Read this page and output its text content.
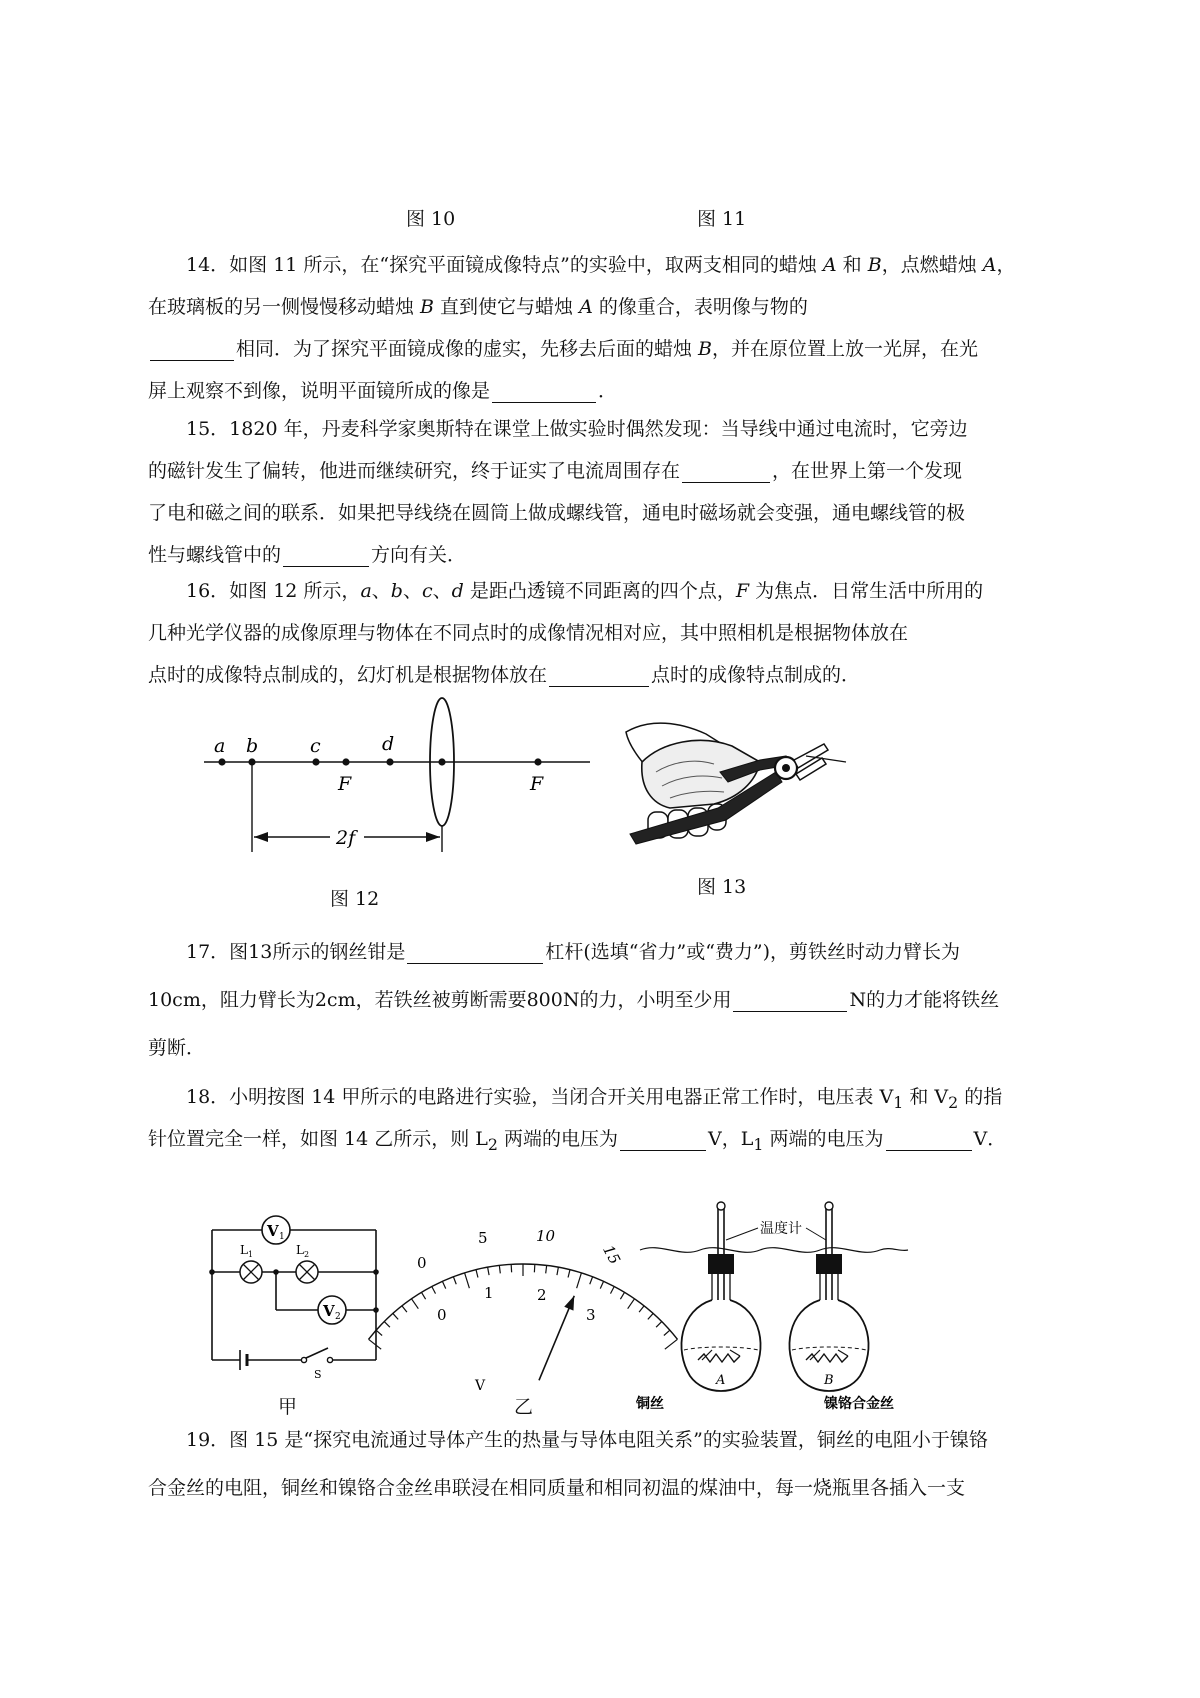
图 10	图 11
14．如图 11 所示，在“探究平面镜成像特点”的实验中，取两支相同的蜡烛 A 和 B，点燃蜡烛 A，
在玻璃板的另一侧慢慢移动蜡烛 B 直到使它与蜡烛 A 的像重合，表明像与物的
相同．为了探究平面镜成像的虚实，先移去后面的蜡烛 B，并在原位置上放一光屏，在光
屏上观察不到像，说明平面镜所成的像是	．
15．1820 年，丹麦科学家奥斯特在课堂上做实验时偶然发现：当导线中通过电流时，它旁边
的磁针发生了偏转，他进而继续研究，终于证实了电流周围存在	，在世界上第一个发现
了电和磁之间的联系．如果把导线绕在圆筒上做成螺线管，通电时磁场就会变强，通电螺线管的极
性与螺线管中的	方向有关．
16．如图 12 所示，a、b、c、d 是距凸透镜不同距离的四个点，F 为焦点．日常生活中所用的
几种光学仪器的成像原理与物体在不同点时的成像情况相对应，其中照相机是根据物体放在
点时的成像特点制成的，幻灯机是根据物体放在	点时的成像特点制成的．
a b	c	d
F	F
2f
图 12
图 13
17．图13所示的钢丝钳是	杠杆(选填“省力”或“费力”)，剪铁丝时动力臂长为
10cm，阻力臂长为2cm，若铁丝被剪断需要800N的力，小明至少用	N的力才能将铁丝
剪断．
18．小明按图 14 甲所示的电路进行实验，当闭合开关用电器正常工作时，电压表 $V_1$ 和 $V_2$ 的指
针位置完全一样，如图 14 乙所示，则 $L_2$ 两端的电压为	V，$L_1$ 两端的电压为	V．
V 1
L 1	L 2
V 2
S
甲
0
5	10
15
0
1	2
3
V
乙
A	B
温度计
铜丝	镍铬合金丝
19．图 15 是“探究电流通过导体产生的热量与导体电阻关系”的实验装置，铜丝的电阻小于镍铬
合金丝的电阻，铜丝和镍铬合金丝串联浸在相同质量和相同初温的煤油中，每一烧瓶里各插入一支
